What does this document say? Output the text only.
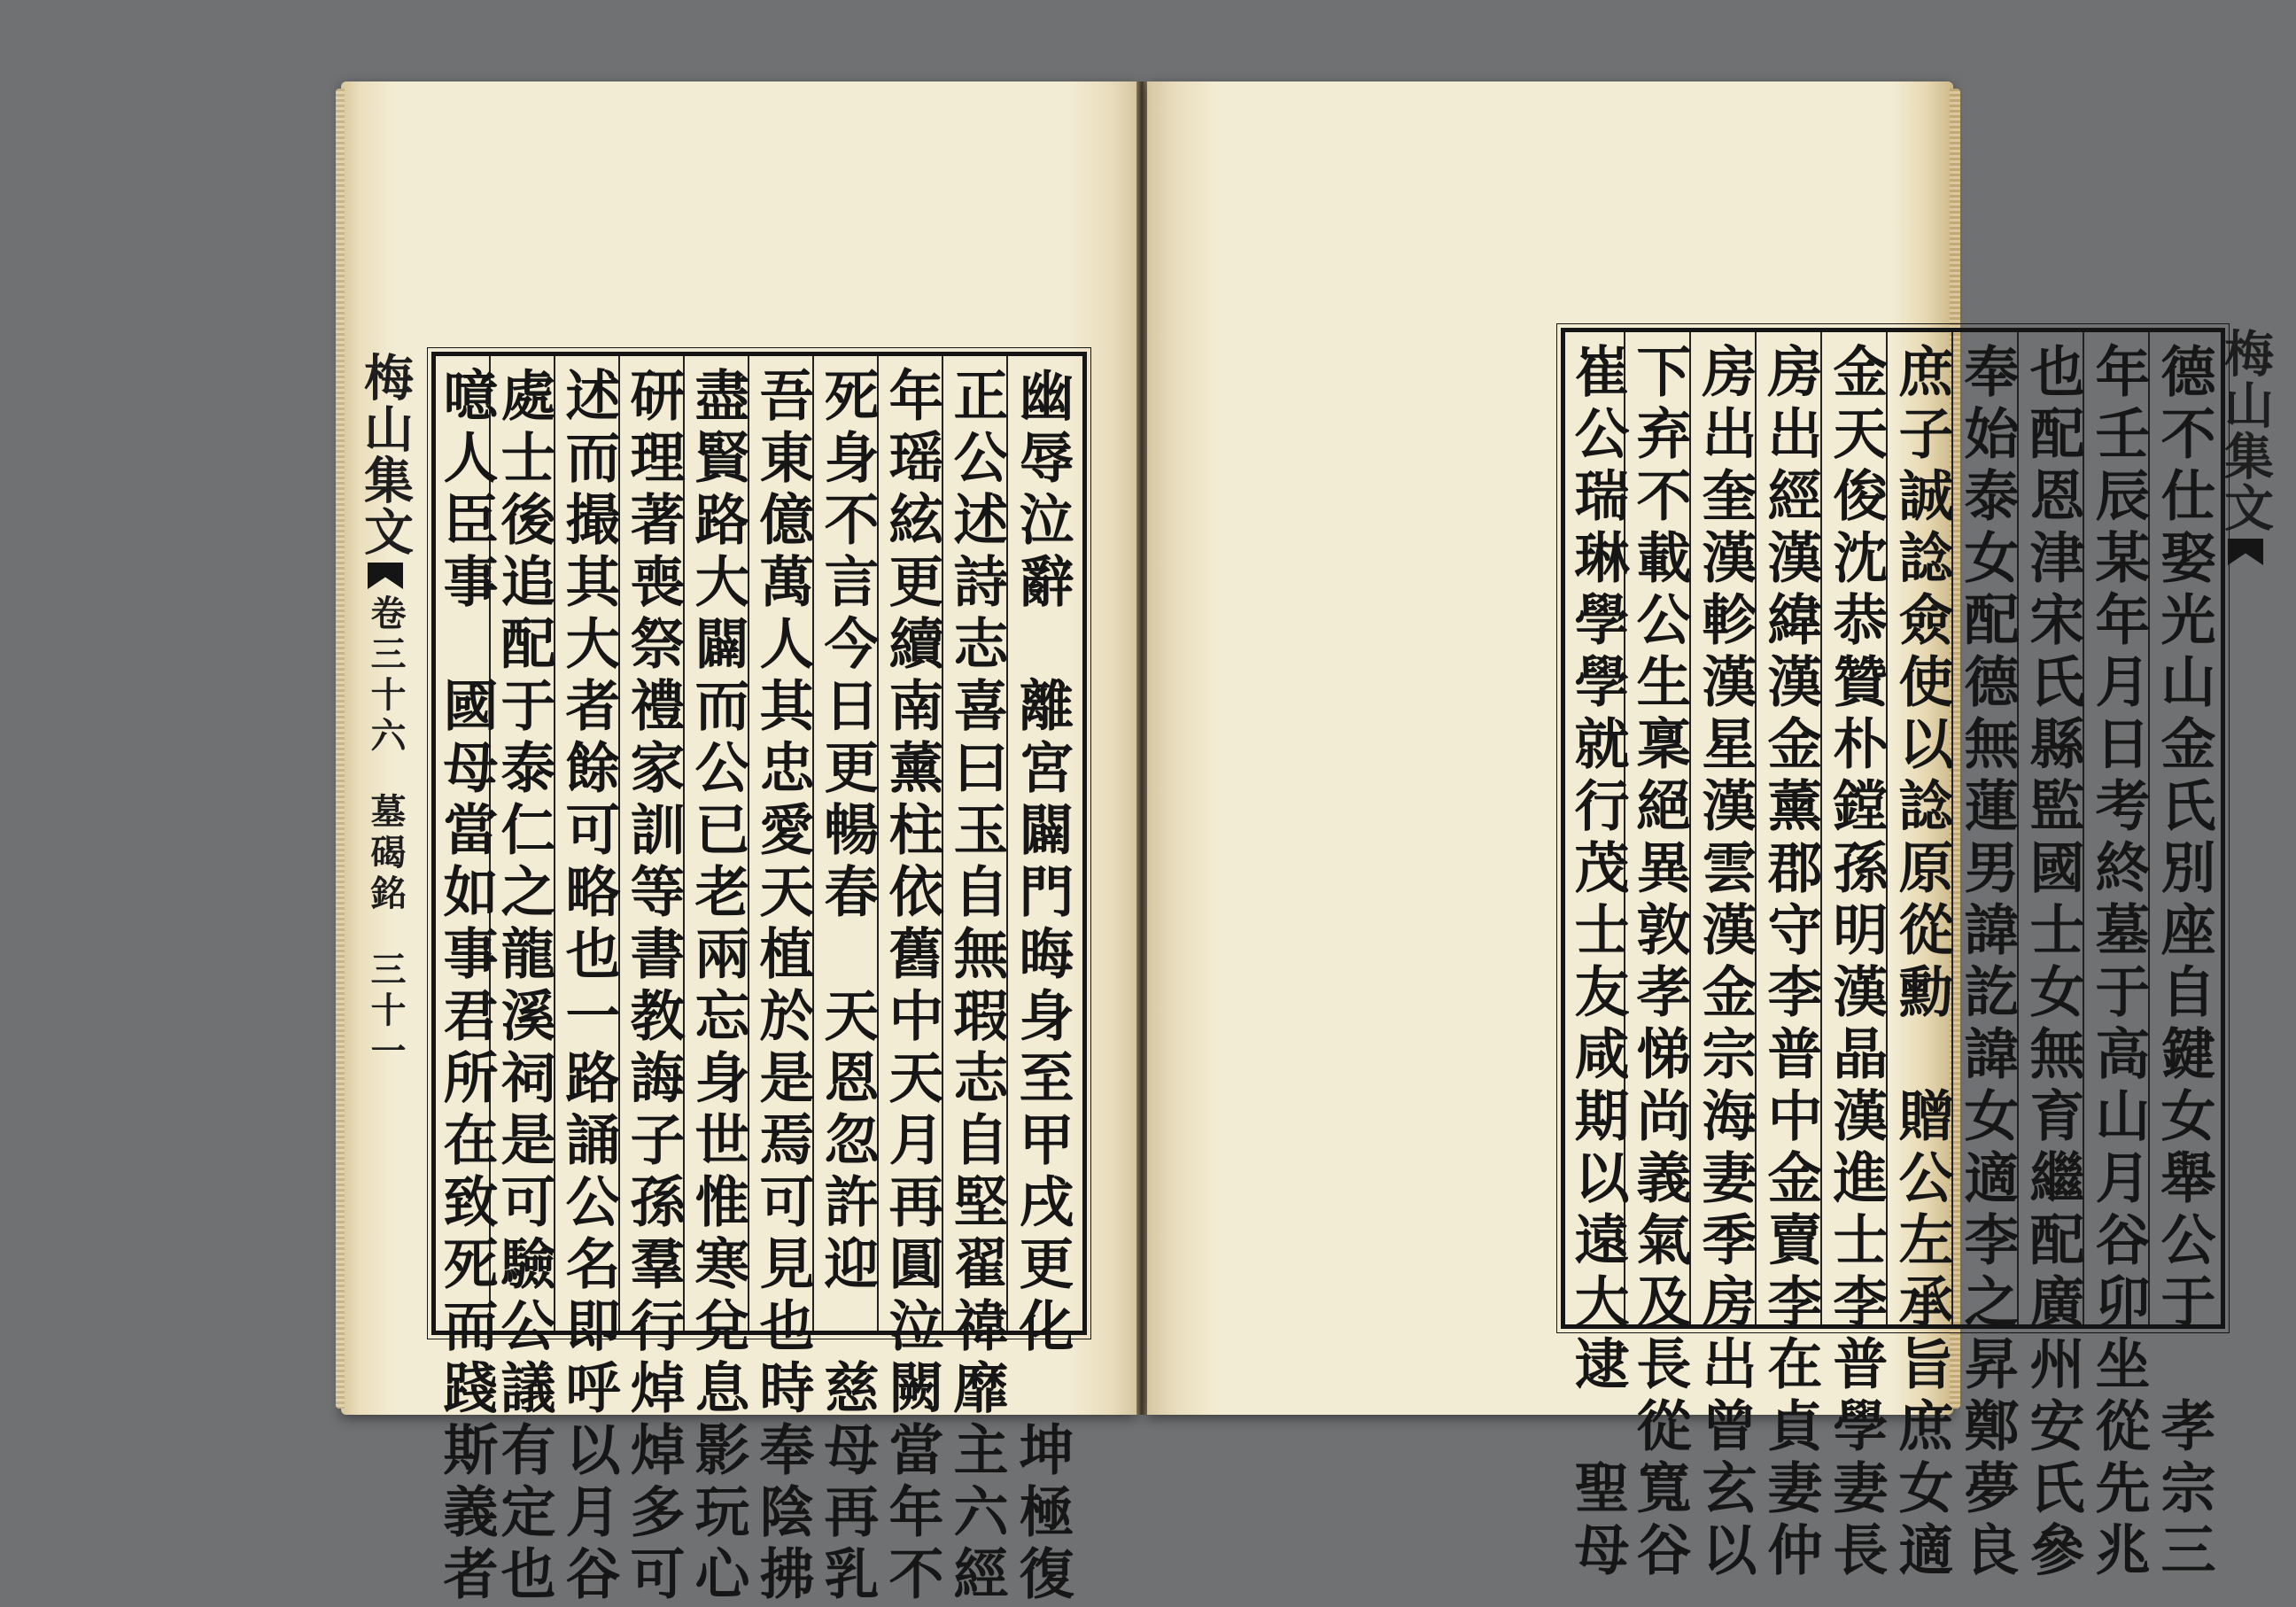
幽辱泣辭　離宮闢門晦身至甲戌更化　坤極復
正公述詩志喜曰玉自無瑕志自堅翟禕靡主六經
年瑶絃更續南薰柱依舊中天月再圓泣闕當年不
死身不言今日更暢春　天恩忽許迎　慈母再乳
吾東億萬人其忠愛天植於是焉可見也時奉陰拂
盡賢路大闢而公已老兩忘身世惟寒兌息影玩心
研理著喪祭禮家訓等書教誨子孫羣行焯焯多可
述而撮其大者餘可略也一路誦公名即呼以月谷
處士後追配于泰仁之龍溪祠是可驗公議有定也
噫人臣事　國母當如事君所在致死而踐斯義者
梅山集文卷三十六墓碣銘三十一
梅山集文
德不仕娶光山金氏別座自鍵女舉公于　孝宗三
年壬辰某年月日考終墓于高山月谷卯坐從先兆
也配恩津宋氏縣監國士女無育繼配廣州安氏參
奉始泰女配德無蓮男諱訖諱女適李之昇鄭夢良
庶子誠諗僉使以諗原從勳　贈公左承旨庶女適
金天俊沈恭贊朴鏜孫明漢晶漢進士李普學妻長
房出經漢緯漢金薰郡守李普中金賣李在貞妻仲
房出奎漢軫漢星漢雲漢金宗海妻季房出曾玄以
下弃不載公生稟絕異敦孝悌尚義氣及長從寬谷
崔公瑞琳學學就行茂士友咸期以遠大逮　聖母
